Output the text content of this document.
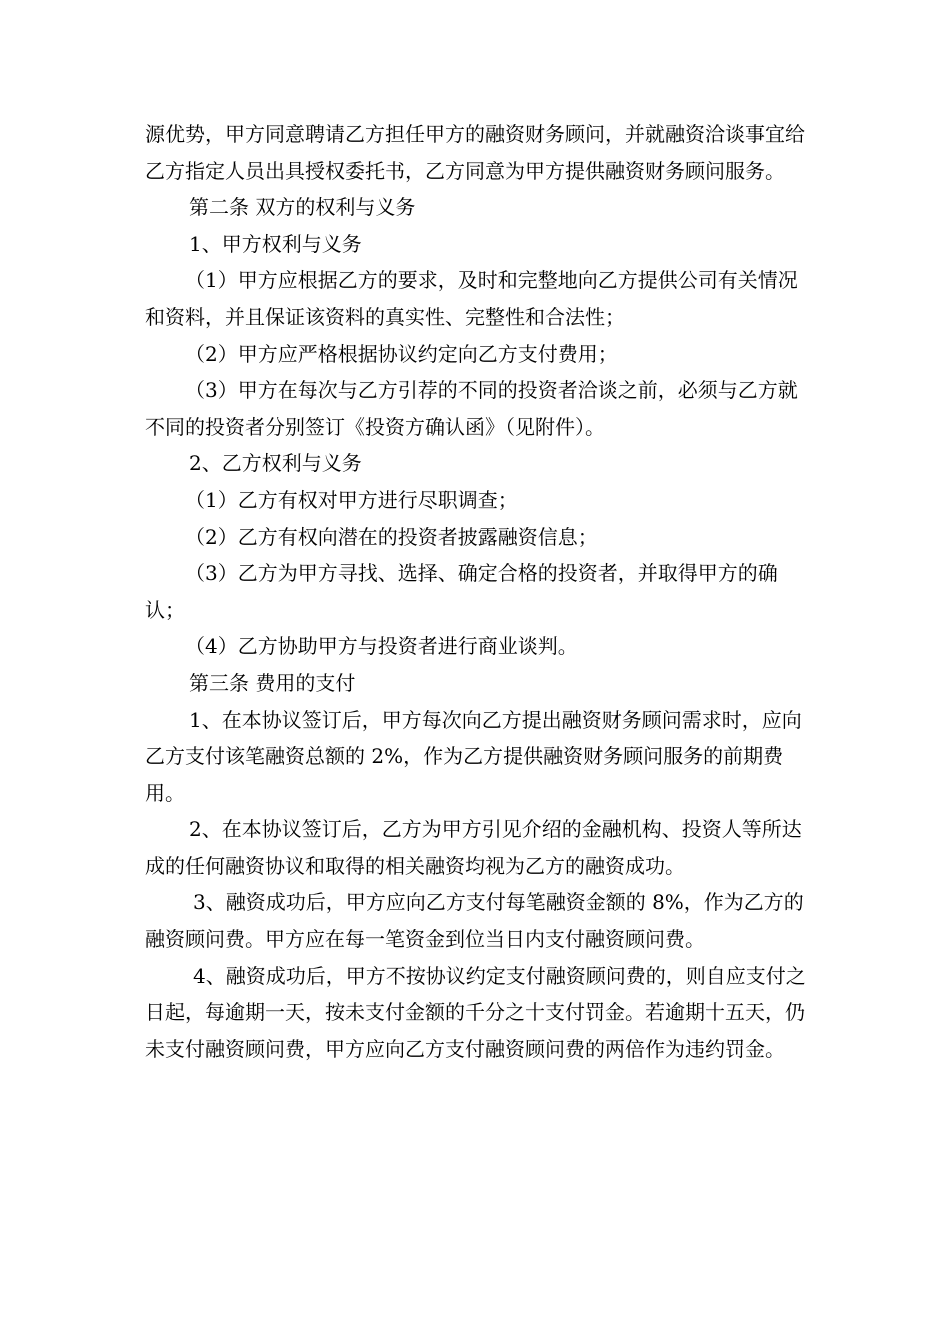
源优势，甲方同意聘请乙方担任甲方的融资财务顾问，并就融资洽谈事宜给乙方指定人员出具授权委托书，乙方同意为甲方提供融资财务顾问服务。

第二条 双方的权利与义务

1、甲方权利与义务

（1）甲方应根据乙方的要求，及时和完整地向乙方提供公司有关情况和资料，并且保证该资料的真实性、完整性和合法性；

（2）甲方应严格根据协议约定向乙方支付费用；

（3）甲方在每次与乙方引荐的不同的投资者洽谈之前，必须与乙方就不同的投资者分别签订《投资方确认函》（见附件）。

2、乙方权利与义务

（1）乙方有权对甲方进行尽职调查；

（2）乙方有权向潜在的投资者披露融资信息；

（3）乙方为甲方寻找、选择、确定合格的投资者，并取得甲方的确认；

（4）乙方协助甲方与投资者进行商业谈判。

第三条 费用的支付

1、在本协议签订后，甲方每次向乙方提出融资财务顾问需求时，应向乙方支付该笔融资总额的 2%，作为乙方提供融资财务顾问服务的前期费用。

2、在本协议签订后，乙方为甲方引见介绍的金融机构、投资人等所达成的任何融资协议和取得的相关融资均视为乙方的融资成功。

3、融资成功后，甲方应向乙方支付每笔融资金额的 8%，作为乙方的融资顾问费。甲方应在每一笔资金到位当日内支付融资顾问费。

4、融资成功后，甲方不按协议约定支付融资顾问费的，则自应支付之日起，每逾期一天，按未支付金额的千分之十支付罚金。若逾期十五天，仍未支付融资顾问费，甲方应向乙方支付融资顾问费的两倍作为违约罚金。
